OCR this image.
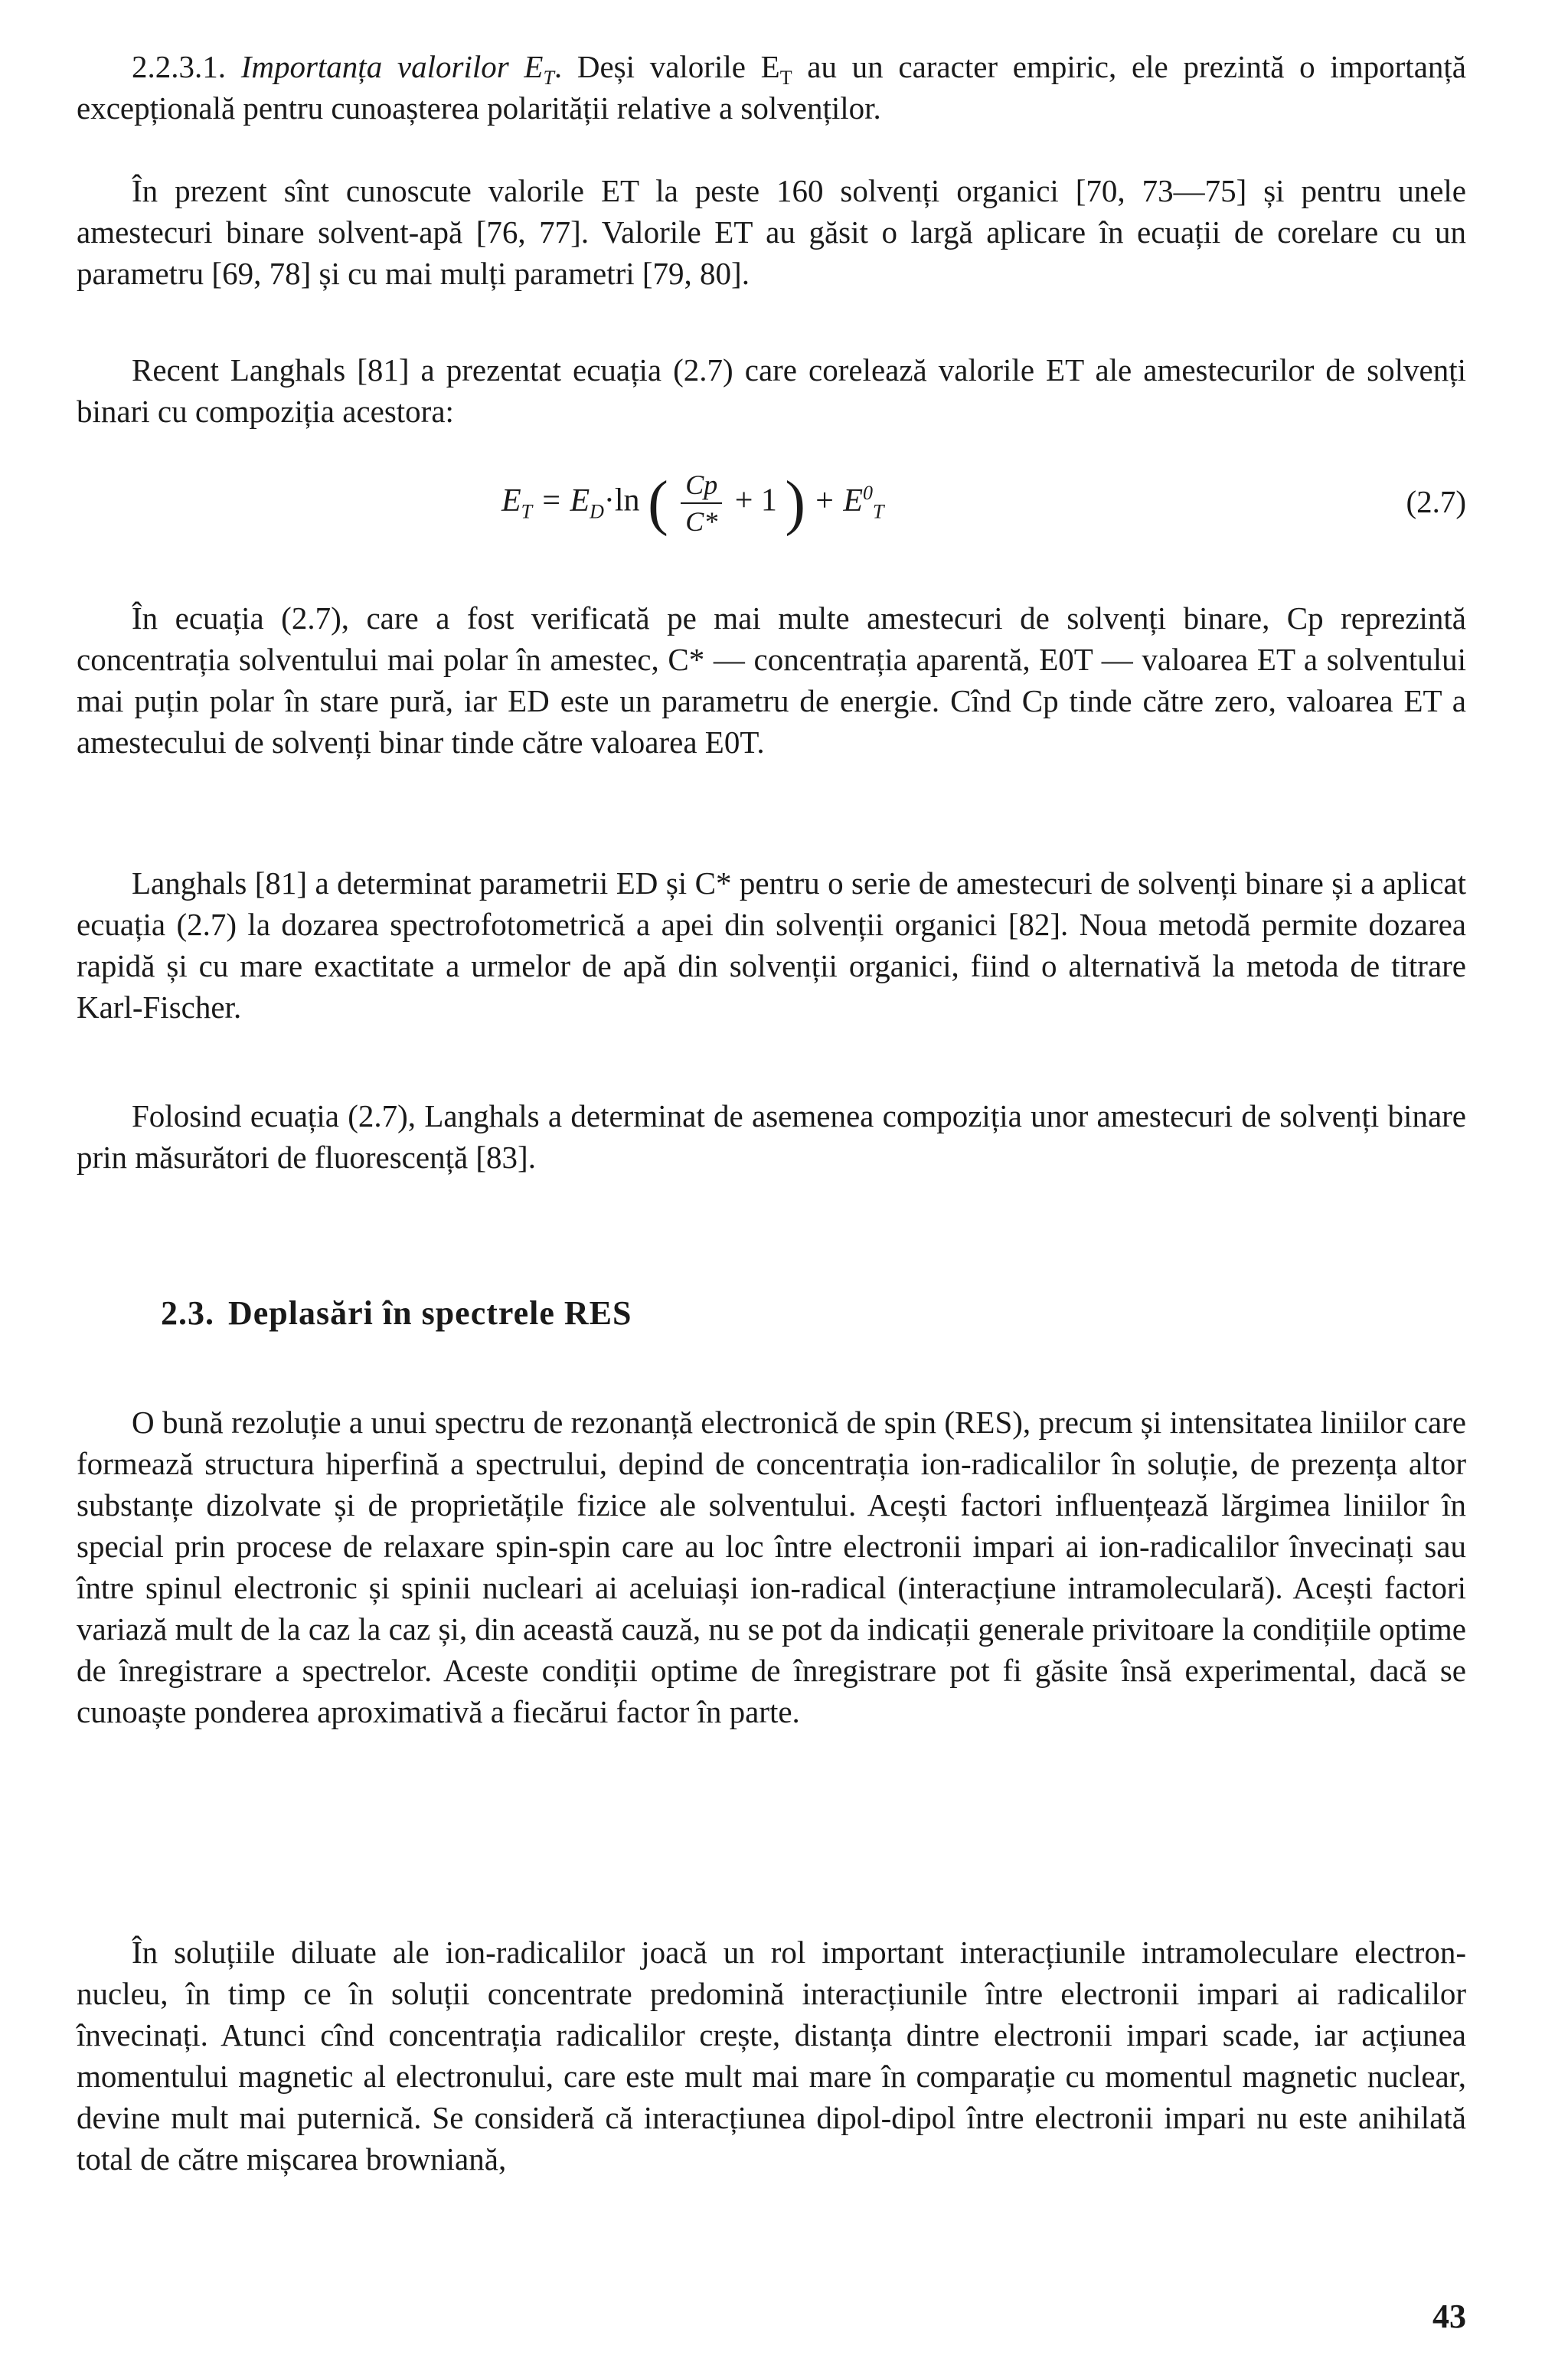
2.2.3.1. Importanța valorilor $E_T$. Deși valorile $E_T$ au un caracter empiric, ele prezintă o importanță excepțională pentru cunoașterea polarității relative a solvenților.

În prezent sînt cunoscute valorile ET la peste 160 solvenți organici [70, 73—75] și pentru unele amestecuri binare solvent-apă [76, 77]. Valorile ET au găsit o largă aplicare în ecuații de corelare cu un parametru [69, 78] și cu mai mulți parametri [79, 80].

Recent Langhals [81] a prezentat ecuația (2.7) care corelează valorile ET ale amestecurilor de solvenți binari cu compoziția acestora:

$E_T = E_D\cdot\ln$ ( $\frac{Cp}{C*} + 1$ ) + $E^0_T$	(2.7)

În ecuația (2.7), care a fost verificată pe mai multe amestecuri de solvenți binare, Cp reprezintă concentrația solventului mai polar în amestec, C* — concentrația aparentă, E0T — valoarea ET a solventului mai puțin polar în stare pură, iar ED este un parametru de energie. Cînd Cp tinde către zero, valoarea ET a amestecului de solvenți binar tinde către valoarea E0T.

Langhals [81] a determinat parametrii ED și C* pentru o serie de amestecuri de solvenți binare și a aplicat ecuația (2.7) la dozarea spectrofotometrică a apei din solvenții organici [82]. Noua metodă permite dozarea rapidă și cu mare exactitate a urmelor de apă din solvenții organici, fiind o alternativă la metoda de titrare Karl-Fischer.

Folosind ecuația (2.7), Langhals a determinat de asemenea compoziția unor amestecuri de solvenți binare prin măsurători de fluorescență [83].

2.3. Deplasări în spectrele RES

O bună rezoluție a unui spectru de rezonanță electronică de spin (RES), precum și intensitatea liniilor care formează structura hiperfină a spectrului, depind de concentrația ion-radicalilor în soluție, de prezența altor substanțe dizolvate și de proprietățile fizice ale solventului. Acești factori influențează lărgimea liniilor în special prin procese de relaxare spin-spin care au loc între electronii impari ai ion-radicalilor învecinați sau între spinul electronic și spinii nucleari ai aceluiași ion-radical (interacțiune intramoleculară). Acești factori variază mult de la caz la caz și, din această cauză, nu se pot da indicații generale privitoare la condițiile optime de înregistrare a spectrelor. Aceste condiții optime de înregistrare pot fi găsite însă experimental, dacă se cunoaște ponderea aproximativă a fiecărui factor în parte.

În soluțiile diluate ale ion-radicalilor joacă un rol important interacțiunile intramoleculare electron-nucleu, în timp ce în soluții concentrate predomină interacțiunile între electronii impari ai radicalilor învecinați. Atunci cînd concentrația radicalilor crește, distanța dintre electronii impari scade, iar acțiunea momentului magnetic al electronului, care este mult mai mare în comparație cu momentul magnetic nuclear, devine mult mai puternică. Se consideră că interacțiunea dipol-dipol între electronii impari nu este anihilată total de către mișcarea browniană,

43
